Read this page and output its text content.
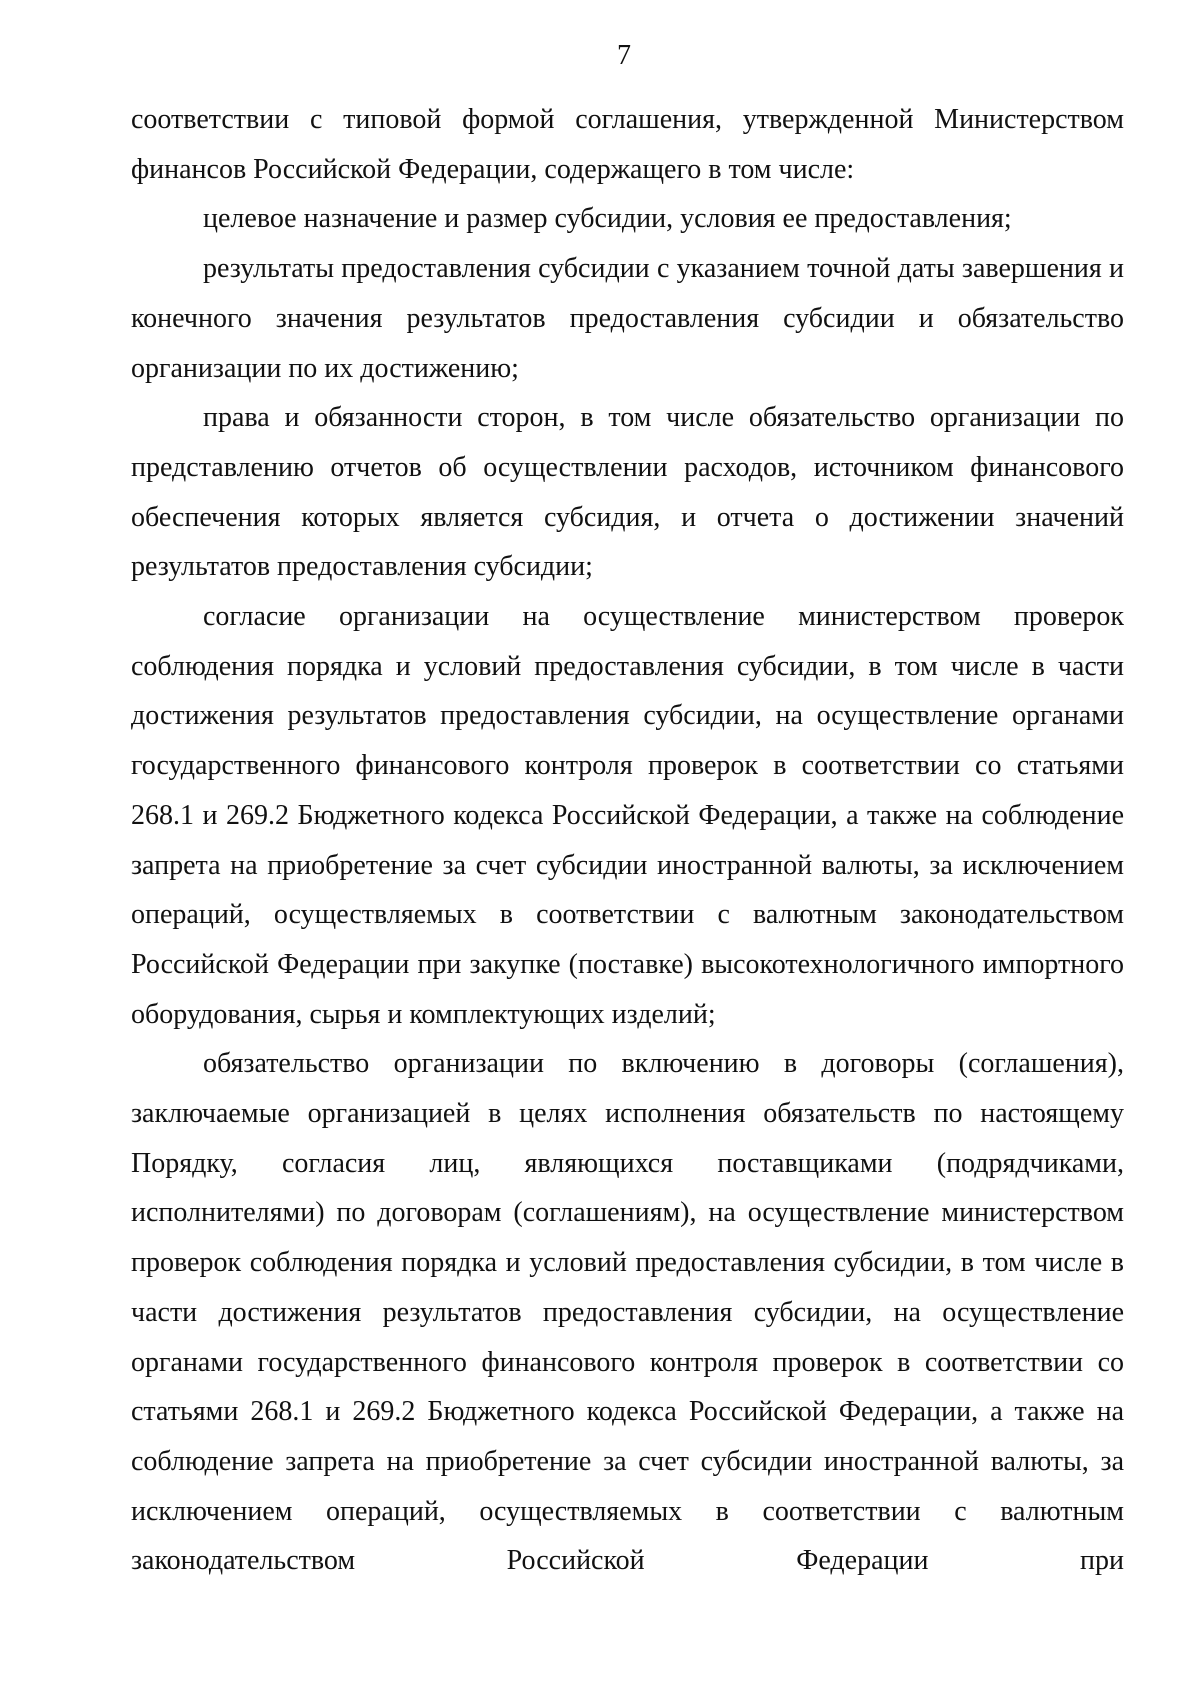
7

соответствии с типовой формой соглашения, утвержденной Министерством финансов Российской Федерации, содержащего в том числе:

целевое назначение и размер субсидии, условия ее предоставления;

результаты предоставления субсидии с указанием точной даты завершения и конечного значения результатов предоставления субсидии и обязательство организации по их достижению;

права и обязанности сторон, в том числе обязательство организации по представлению отчетов об осуществлении расходов, источником финансового обеспечения которых является субсидия, и отчета о достижении значений результатов предоставления субсидии;

согласие организации на осуществление министерством проверок соблюдения порядка и условий предоставления субсидии, в том числе в части достижения результатов предоставления субсидии, на осуществление органами государственного финансового контроля проверок в соответствии со статьями 268.1 и 269.2 Бюджетного кодекса Российской Федерации, а также на соблюдение запрета на приобретение за счет субсидии иностранной валюты, за исключением операций, осуществляемых в соответствии с валютным законодательством Российской Федерации при закупке (поставке) высокотехнологичного импортного оборудования, сырья и комплектующих изделий;

обязательство организации по включению в договоры (соглашения), заключаемые организацией в целях исполнения обязательств по настоящему Порядку, согласия лиц, являющихся поставщиками (подрядчиками, исполнителями) по договорам (соглашениям), на осуществление министерством проверок соблюдения порядка и условий предоставления субсидии, в том числе в части достижения результатов предоставления субсидии, на осуществление органами государственного финансового контроля проверок в соответствии со статьями 268.1 и 269.2 Бюджетного кодекса Российской Федерации, а также на соблюдение запрета на приобретение за счет субсидии иностранной валюты, за исключением операций, осуществляемых в соответствии с валютным законодательством Российской Федерации при
